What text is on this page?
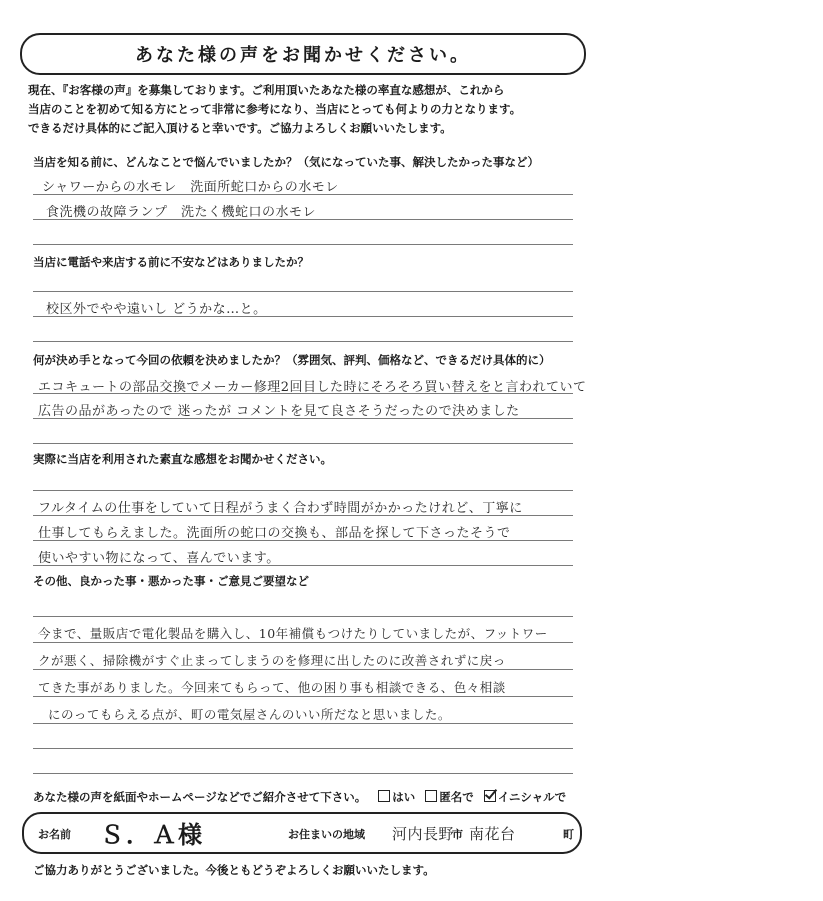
あなた様の声をお聞かせください。
現在、『お客様の声』を募集しております。ご利用頂いたあなた様の率直な感想が、これから
当店のことを初めて知る方にとって非常に参考になり、当店にとっても何よりの力となります。
できるだけ具体的にご記入頂けると幸いです。ご協力よろしくお願いいたします。
当店を知る前に、どんなことで悩んでいましたか？（気になっていた事、解決したかった事など）
シャワーからの水モレ　洗面所蛇口からの水モレ
食洗機の故障ランプ　洗たく機蛇口の水モレ
当店に電話や来店する前に不安などはありましたか？
校区外でやや遠いし どうかな…と。
何が決め手となって今回の依頼を決めましたか？（雰囲気、評判、価格など、できるだけ具体的に）
エコキュートの部品交換でメーカー修理2回目した時にそろそろ買い替えをと言われていて
広告の品があったので 迷ったが コメントを見て良さそうだったので決めました
実際に当店を利用された素直な感想をお聞かせください。
フルタイムの仕事をしていて日程がうまく合わず時間がかかったけれど、丁寧に
仕事してもらえました。洗面所の蛇口の交換も、部品を探して下さったそうで
使いやすい物になって、喜んでいます。
その他、良かった事・悪かった事・ご意見ご要望など
今まで、量販店で電化製品を購入し、10年補償もつけたりしていましたが、フットワー
クが悪く、掃除機がすぐ止まってしまうのを修理に出したのに改善されずに戻っ
てきた事がありました。今回来てもらって、他の困り事も相談できる、色々相談
にのってもらえる点が、町の電気屋さんのいい所だなと思いました。
あなた様の声を紙面やホームページなどでご紹介させて下さい。 はい 匿名で イニシャルで
お名前 Ｓ．Ａ様	お住まいの地域 河内長野
市 南花台	町
ご協力ありがとうございました。今後ともどうぞよろしくお願いいたします。
